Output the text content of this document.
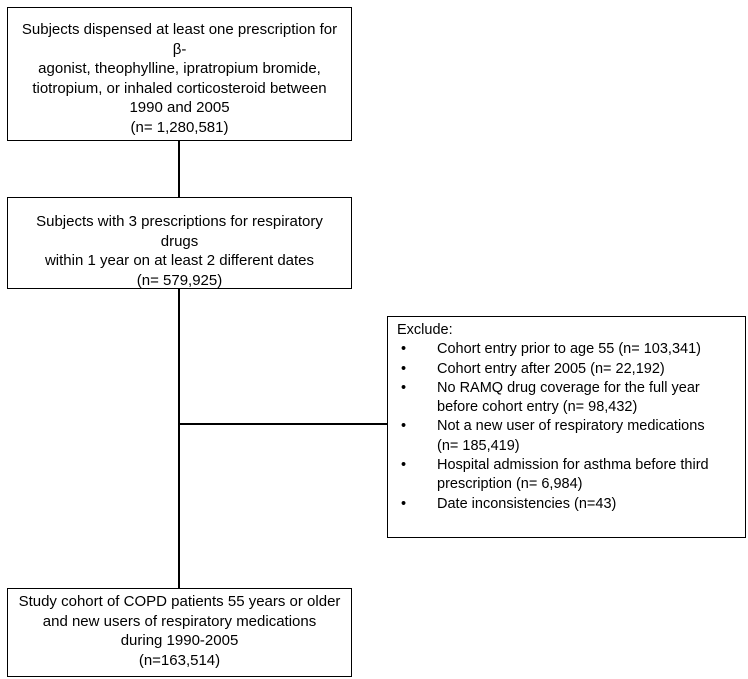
Subjects dispensed at least one prescription for β-
agonist, theophylline, ipratropium bromide,
tiotropium, or inhaled corticosteroid between
1990 and 2005
(n= 1,280,581)
Subjects with 3 prescriptions for respiratory drugs
within 1 year on at least 2 different dates
(n= 579,925)
Exclude:
• Cohort entry prior to age 55 (n= 103,341)
• Cohort entry after 2005 (n= 22,192)
• No RAMQ drug coverage for the full year
before cohort entry (n= 98,432)
• Not a new user of respiratory medications
(n= 185,419)
• Hospital admission for asthma before third
prescription (n= 6,984)
• Date inconsistencies (n=43)
Study cohort of COPD patients 55 years or older
and new users of respiratory medications
during 1990-2005
(n=163,514)
